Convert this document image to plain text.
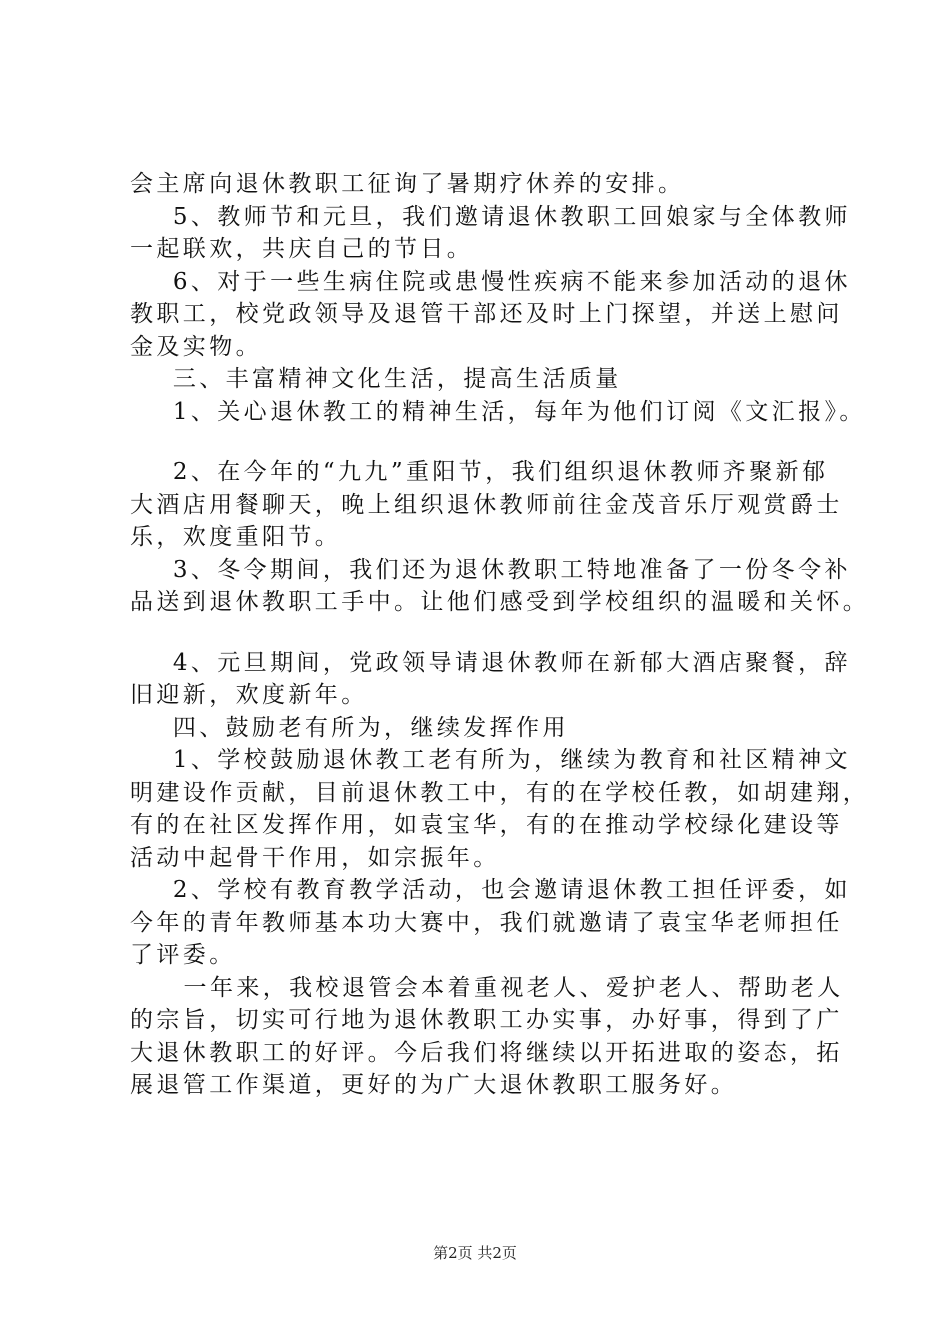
会主席向退休教职工征询了暑期疗休养的安排。
5、教师节和元旦，我们邀请退休教职工回娘家与全体教师
一起联欢，共庆自己的节日。
6、对于一些生病住院或患慢性疾病不能来参加活动的退休
教职工，校党政领导及退管干部还及时上门探望，并送上慰问
金及实物。
三、丰富精神文化生活，提高生活质量
1、关心退休教工的精神生活，每年为他们订阅《文汇报》。
2、在今年的“九九”重阳节，我们组织退休教师齐聚新郁
大酒店用餐聊天，晚上组织退休教师前往金茂音乐厅观赏爵士
乐，欢度重阳节。
3、冬令期间，我们还为退休教职工特地准备了一份冬令补
品送到退休教职工手中。让他们感受到学校组织的温暖和关怀。
4、元旦期间，党政领导请退休教师在新郁大酒店聚餐，辞
旧迎新，欢度新年。
四、鼓励老有所为，继续发挥作用
1、学校鼓励退休教工老有所为，继续为教育和社区精神文
明建设作贡献，目前退休教工中，有的在学校任教，如胡建翔，
有的在社区发挥作用，如袁宝华，有的在推动学校绿化建设等
活动中起骨干作用，如宗振年。
2、学校有教育教学活动，也会邀请退休教工担任评委，如
今年的青年教师基本功大赛中，我们就邀请了袁宝华老师担任
了评委。
一年来，我校退管会本着重视老人、爱护老人、帮助老人
的宗旨，切实可行地为退休教职工办实事，办好事，得到了广
大退休教职工的好评。今后我们将继续以开拓进取的姿态，拓
展退管工作渠道，更好的为广大退休教职工服务好。
第2页 共2页
